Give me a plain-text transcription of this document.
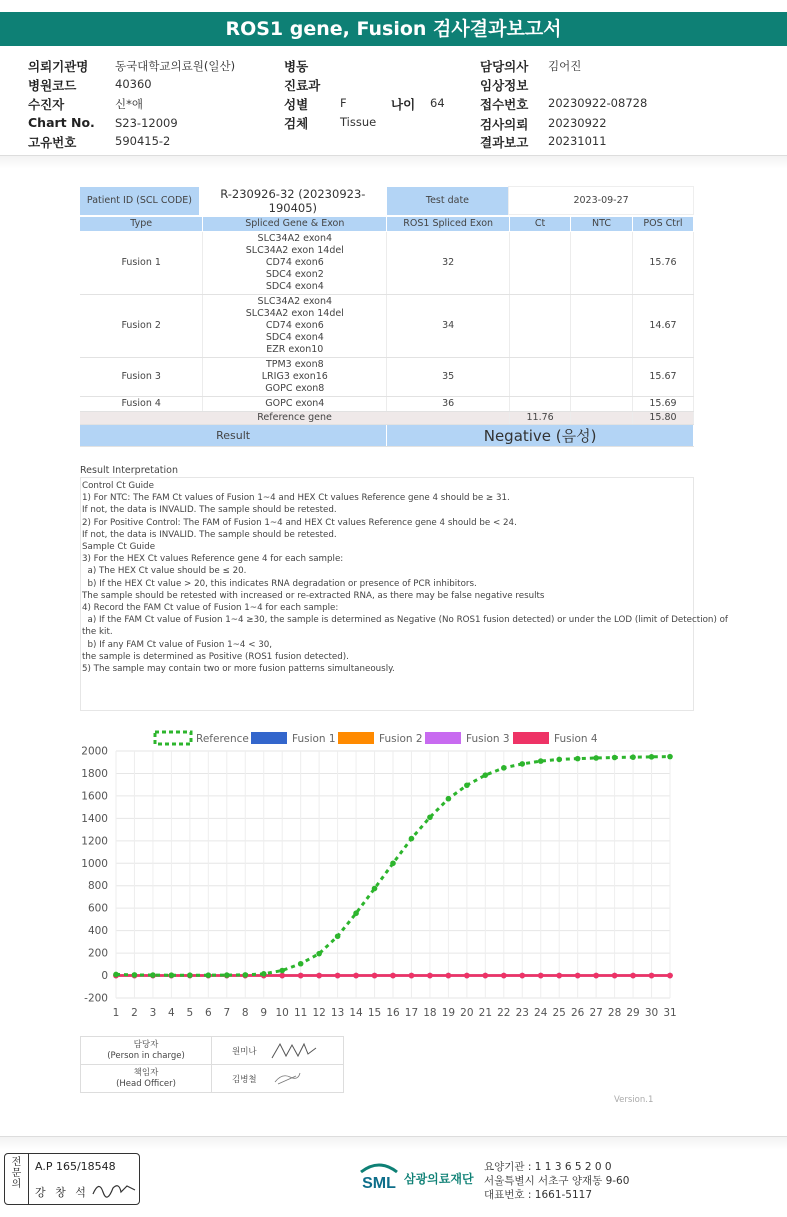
ROS1 gene, Fusion 검사결과보고서
의뢰기관명 동국대학교의료원(일산)
병원코드	40360
수진자	신*애
Chart No. S23-12009
고유번호	590415-2
병동
진료과
성별	F	나이 64
검체	Tissue
담당의사 김어진
임상정보
접수번호 20230922-08728
검사의뢰 20230922
결과보고 20231011
Patient ID (SCL CODE)	R-230926-32 (20230923-190405)	Test date	2023-09-27
Type	Spliced Gene & Exon	ROS1 Spliced Exon	Ct	NTC	POS Ctrl
Fusion 1	SLC34A2 exon4
SLC34A2 exon 14del
CD74 exon6
SDC4 exon2
SDC4 exon4	32			15.76
Fusion 2	SLC34A2 exon4
SLC34A2 exon 14del
CD74 exon6
SDC4 exon4
EZR exon10	34			14.67
Fusion 3	TPM3 exon8
LRIG3 exon16
GOPC exon8	35			15.67
Fusion 4	GOPC exon4	36			15.69
Reference gene			11.76		15.80
Result		Negative (음성)			
Result Interpretation
Control Ct Guide
1) For NTC: The FAM Ct values of Fusion 1~4 and HEX Ct values Reference gene 4 should be ≥ 31.
If not, the data is INVALID. The sample should be retested.
2) For Positive Control: The FAM of Fusion 1~4 and HEX Ct values Reference gene 4 should be < 24.
If not, the data is INVALID. The sample should be retested.
Sample Ct Guide
3) For the HEX Ct values Reference gene 4 for each sample:
a) The HEX Ct value should be ≤ 20.
b) If the HEX Ct value > 20, this indicates RNA degradation or presence of PCR inhibitors.
The sample should be retested with increased or re-extracted RNA, as there may be false negative results
4) Record the FAM Ct value of Fusion 1~4 for each sample:
a) If the FAM Ct value of Fusion 1~4 ≥30, the sample is determined as Negative (No ROS1 fusion detected) or under the LOD (limit of Detection) of
the kit.
b) If any FAM Ct value of Fusion 1~4 < 30,
the sample is determined as Positive (ROS1 fusion detected).
5) The sample may contain two or more fusion patterns simultaneously.
-200
0
200
400
600
800
1000
1200
1400
1600
1800
2000
1 2 3 4 5 6 7 8 9 10 11 12 13 14 15 16 17 18 19 20 21 22 23 24 25 26 27 28 29 30 31
Reference	Fusion 1	Fusion 2	Fusion 3	Fusion 4
담당자
(Person in charge)	원미나

책임자
(Head Officer)	김병철
Version.1
전
문
의
A.P 165/18548
강 창 석
SML 삼광의료재단
요양기관 : 1 1 3 6 5 2 0 0
서울특별시 서초구 양재동 9-60
대표번호 : 1661-5117
